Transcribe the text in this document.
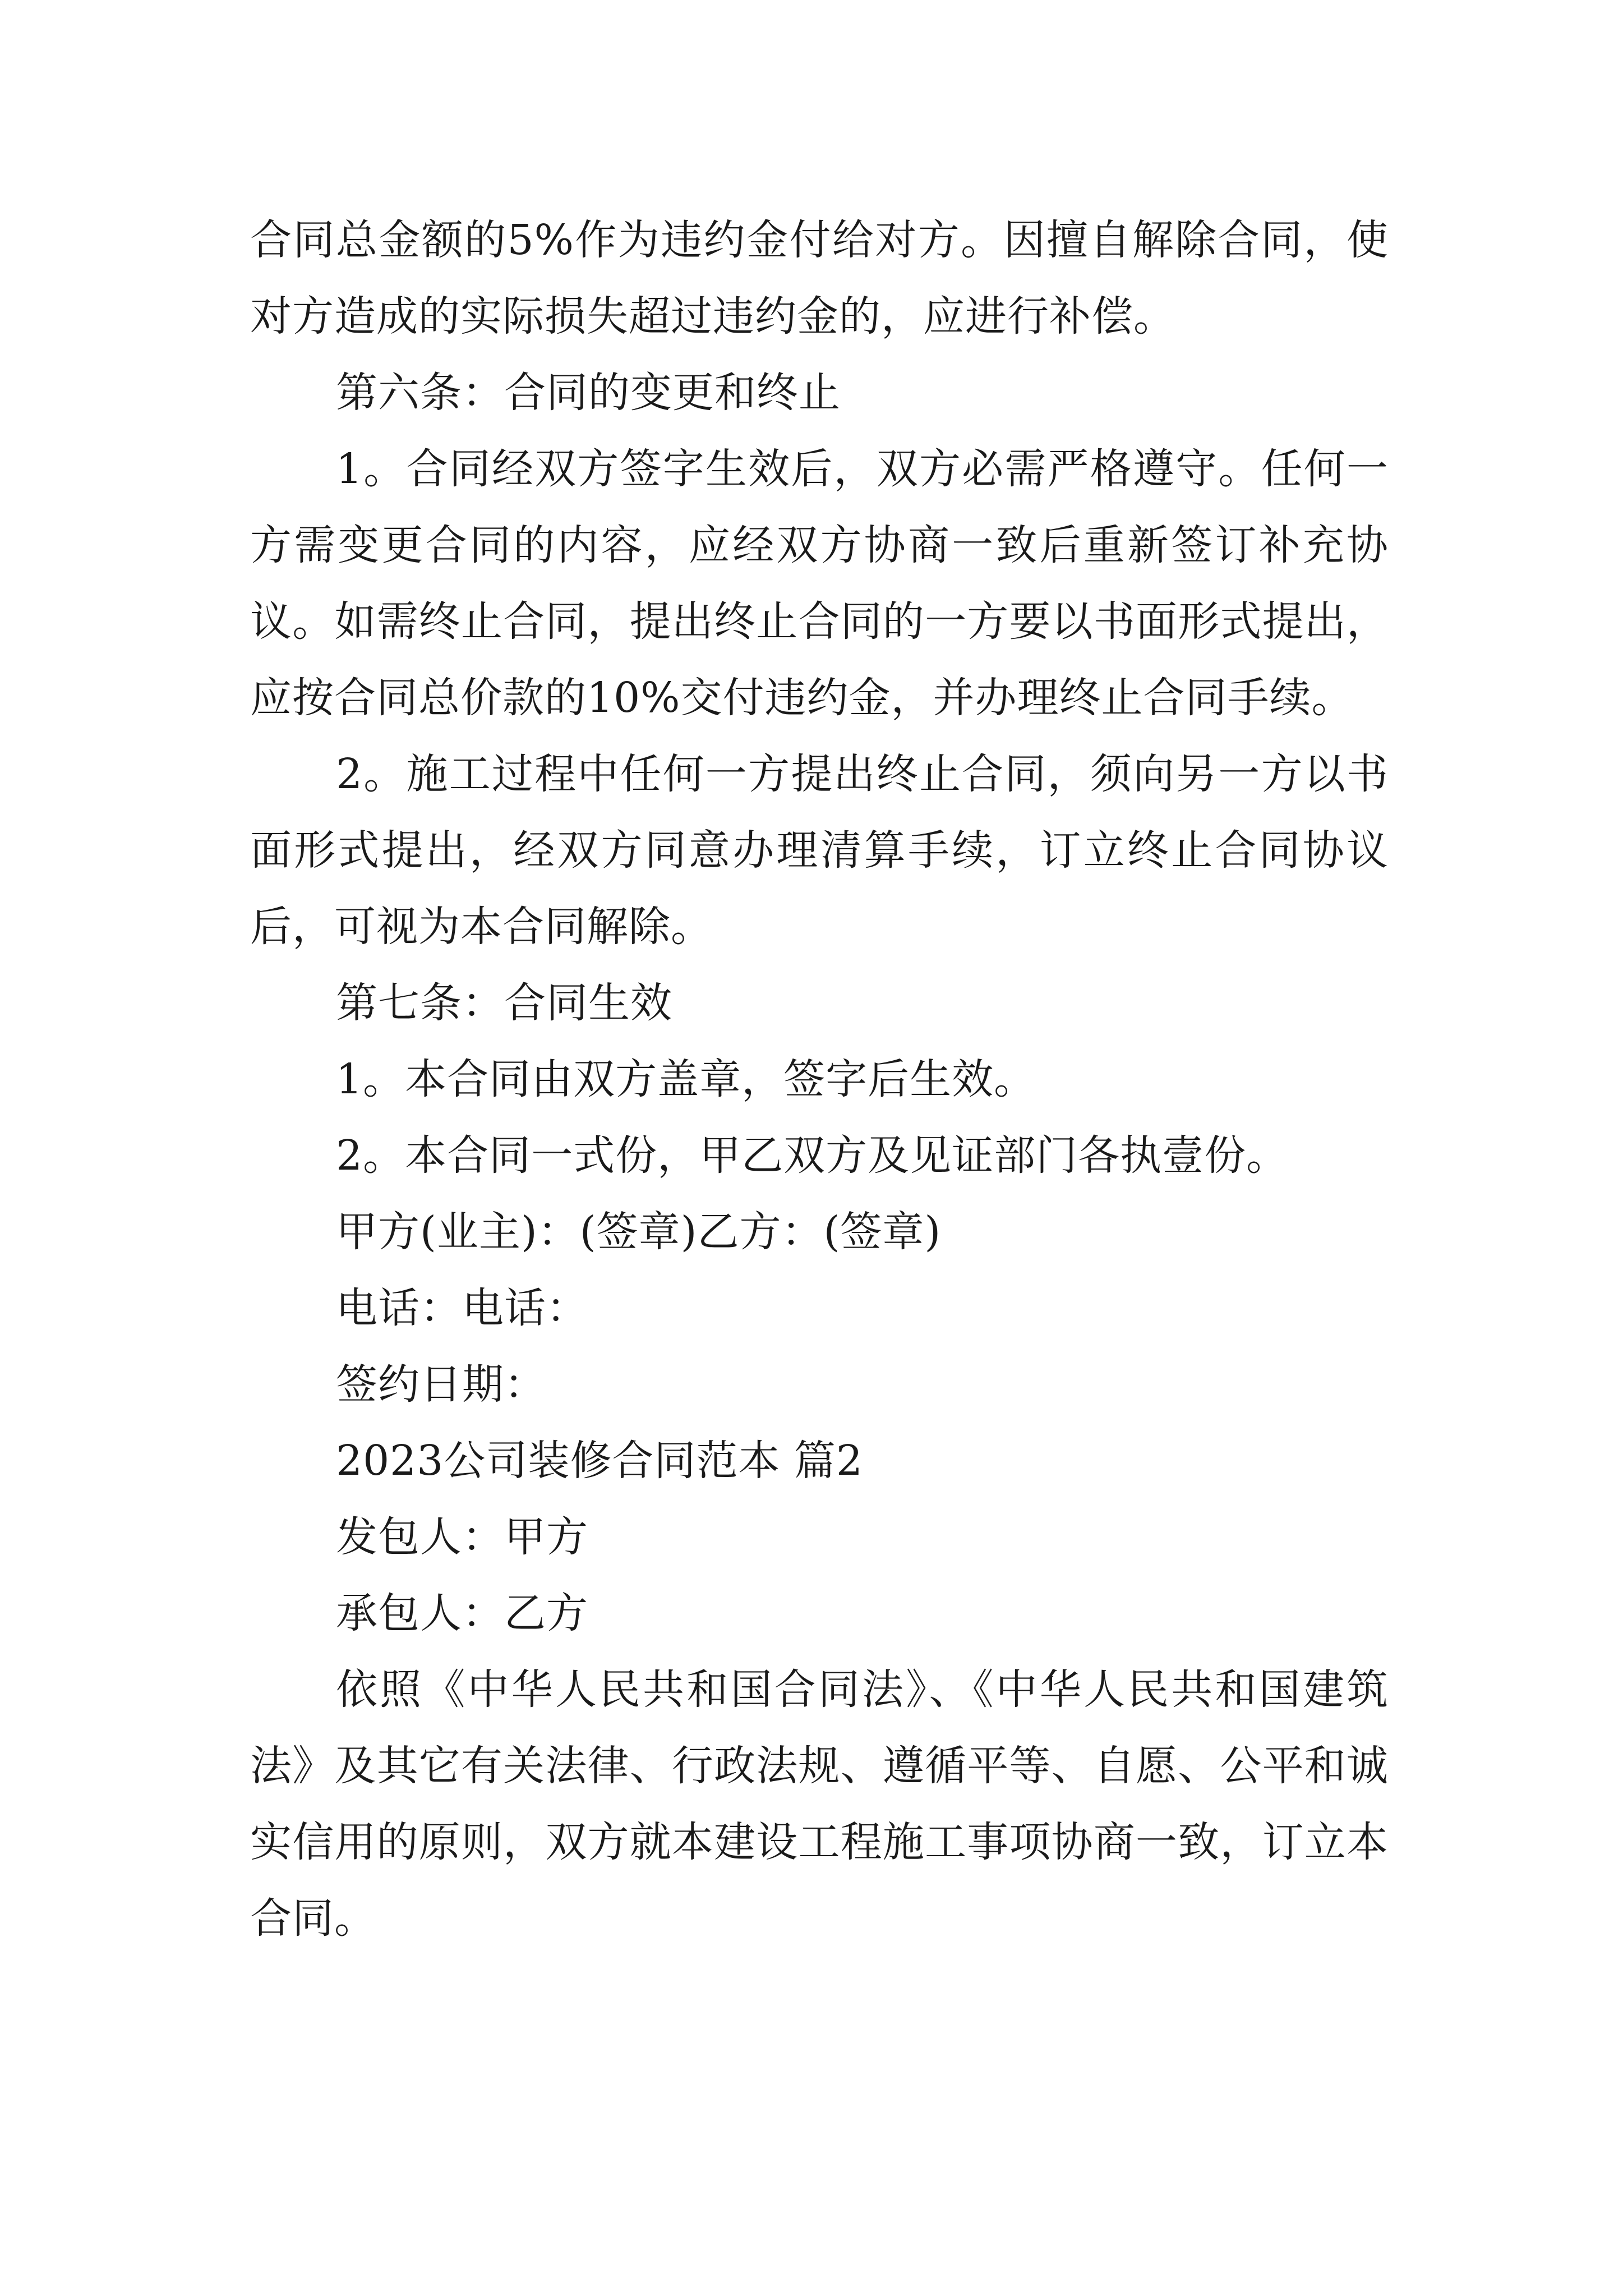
合同总金额的5%作为违约金付给对方。因擅自解除合同，使对方造成的实际损失超过违约金的，应进行补偿。

第六条：合同的变更和终止

1。合同经双方签字生效后，双方必需严格遵守。任何一方需变更合同的内容，应经双方协商一致后重新签订补充协议。如需终止合同，提出终止合同的一方要以书面形式提出，应按合同总价款的10%交付违约金，并办理终止合同手续。

2。施工过程中任何一方提出终止合同，须向另一方以书面形式提出，经双方同意办理清算手续，订立终止合同协议后，可视为本合同解除。

第七条：合同生效

1。本合同由双方盖章，签字后生效。

2。本合同一式份，甲乙双方及见证部门各执壹份。

甲方(业主)：(签章)乙方：(签章)

电话：电话：

签约日期：

2023公司装修合同范本 篇2

发包人：甲方

承包人：乙方

依照《中华人民共和国合同法》、《中华人民共和国建筑法》及其它有关法律、行政法规、遵循平等、自愿、公平和诚实信用的原则，双方就本建设工程施工事项协商一致，订立本合同。
